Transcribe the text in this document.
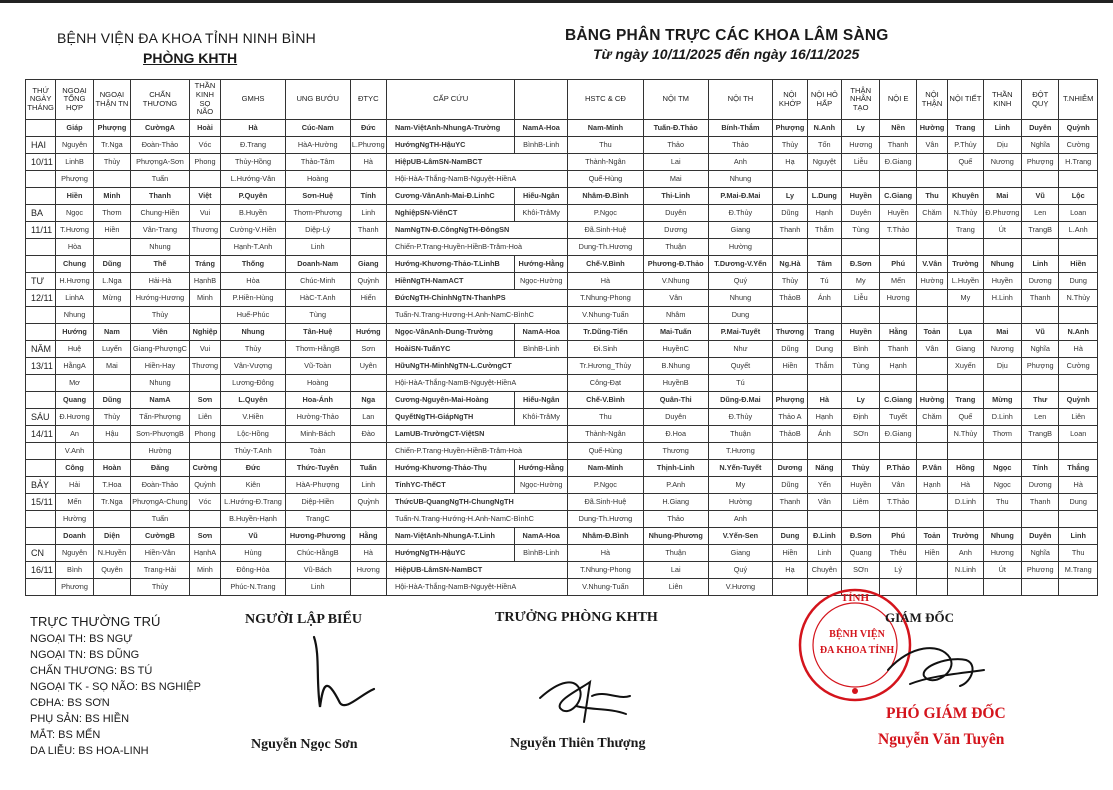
BỆNH VIỆN ĐA KHOA TỈNH NINH BÌNH
PHÒNG KHTH
BẢNG PHÂN TRỰC CÁC KHOA LÂM SÀNG
Từ ngày 10/11/2025 đến ngày 16/11/2025
THỨ NGÀY THÁNG	NGOẠI TỔNG HỢP	NGOẠI THẬN TN	CHẤN THƯƠNG	THẦN KINH SỌ NÃO	GMHS	UNG BƯỚU	ĐTYC	CẤP CỨU		HSTC & CĐ	NỘI TM	NỘI TH	NỘI KHỚP	NỘI HÔ HẤP	THẬN NHÂN TẠO	NỘI E	NỘI THẬN	NỘI TIẾT	THẦN KINH	ĐỘT QUỴ	T.NHIỄM
	Giáp	Phượng	CườngA	Hoài	Hà	Cúc-Nam	Đức	Nam-ViệtAnh-NhungA-Trường	NamA-Hoa	Nam-Minh	Tuấn-Đ.Thảo	Bính-Thắm	Phượng	N.Anh	Ly	Nền	Hường	Trang	Linh	Duyên	Quỳnh
HAI	Nguyên	Tr.Nga	Đoàn-Thảo	Vóc	Đ.Trang	HàA-Hường	L.Phương	HướngNgTH-HậuYC	BìnhB-Linh	Thu	Thảo	Thảo	Thủy	Tốn	Hương	Thanh	Vân	P.Thủy	Dịu	Nghĩa	Cường
10/11	LinhB	Thủy	PhượngA-Sơn	Phong	Thủy-Hồng	Thảo-Tâm	Hà	HiệpUB-LâmSN-NamBCT		Thành-Ngân	Lai	Anh	Hạ	Nguyệt	Liễu	Đ.Giang		Quế	Nương	Phượng	H.Trang
	Phượng		Tuấn		L.Hướng-Vân	Hoàng		Hội-HàA-Thắng-NamB-Nguyệt-HiềnA		Quế-Hùng	Mai	Nhung									
	Hiền	Minh	Thanh	Việt	P.Quyên	Sơn-Huệ	Tính	Cương-VânAnh-Mai-Đ.LinhC	Hiếu-Ngân	Nhâm-Đ.Bình	Thi-Linh	P.Mai-Đ.Mai	Ly	L.Dung	Huyền	C.Giang	Thu	Khuyên	Mai	Vũ	Lộc
BA	Ngọc	Thơm	Chung-Hiền	Vui	B.Huyền	Thơm-Phương	Linh	NghiệpSN-ViênCT	Khôi-TrâMy	P.Ngọc	Duyên	Đ.Thủy	Dũng	Hạnh	Duyên	Huyền	Chăm	N.Thủy	Đ.Phương	Len	Loan
11/11	T.Hương	Hiền	Vân-Trang	Thương	Cường-V.Hiền	Diệp-Lý	Thanh	NamNgTN-Đ.CôngNgTH-ĐôngSN		Đã.Sinh-Huệ	Dương	Giang	Thanh	Thắm	Tùng	T.Thảo		Trang	Út	TrangB	L.Anh
	Hòa		Nhung		Hạnh-T.Anh	Linh		Chiến-P.Trang-Huyền-HiềnB-Trâm-Hoà		Dung-Th.Hương	Thuận	Hường									
	Chung	Dũng	Thế	Tráng	Thống	Doanh-Nam	Giang	Hướng-Khương-Thảo-T.LinhB	Hướng-Hằng	Chế-V.Bình	Phương-Đ.Thảo	T.Dương-V.Yến	Ng.Hà	Tâm	Đ.Sơn	Phú	V.Vân	Trường	Nhung	Linh	Hiền
TƯ	H.Hương	L.Nga	Hải-Hà	HạnhB	Hòa	Chúc-Minh	Quỳnh	HiềnNgTH-NamACT	Ngọc-Hường	Hà	V.Nhung	Quý	Thủy	Tú	My	Mến	Hường	L.Huyền	Huyền	Dương	Dung
12/11	LinhA	Mừng	Hướng-Hương	Minh	P.Hiền-Hùng	HàC-T.Anh	Hiển	ĐứcNgTH-ChinhNgTN-ThanhPS		T.Nhung-Phong	Vân	Nhung	ThảoB	Ánh	Liễu	Hương		My	H.Linh	Thanh	N.Thủy
	Nhung		Thủy		Huế-Phúc	Tùng		Tuấn-N.Trang-Hương-H.Anh-NamC-BìnhC		V.Nhung-Tuấn	Nhâm	Dung									
	Hướng	Nam	Viên	Nghiệp	Nhung	Tân-Huệ	Hướng	Ngọc-VânAnh-Dung-Trường	NamA-Hoa	Tr.Dũng-Tiến	Mai-Tuấn	P.Mai-Tuyết	Thương	Trang	Huyền	Hằng	Toản	Lụa	Mai	Vũ	N.Anh
NĂM	Huệ	Luyến	Giang-PhượngC	Vui	Thủy	Thơm-HằngB	Sơn	HoàiSN-TuấnYC	BìnhB-Linh	Đi.Sinh	HuyềnC	Như	Dũng	Dung	Bình	Thanh	Vân	Giang	Nương	Nghĩa	Hà
13/11	HằngA	Mai	Hiền-Hay	Thương	Vân-Vượng	Vũ-Toàn	Uyên	HữuNgTH-MinhNgTN-L.CườngCT		Tr.Hương_Thủy	B.Nhung	Quyết	Hiền	Thắm	Tùng	Hạnh		Xuyến	Dịu	Phượng	Cường
	Mơ		Nhung		Lương-Đông	Hoàng		Hội-HàA-Thắng-NamB-Nguyệt-HiềnA		Công-Đạt	HuyềnB	Tú									
	Quang	Dũng	NamA	Sơn	L.Quyên	Hoa-Ánh	Nga	Cương-Nguyên-Mai-Hoàng	Hiếu-Ngân	Chế-V.Bình	Quân-Thi	Dũng-Đ.Mai	Phượng	Hà	Ly	C.Giang	Hường	Trang	Mừng	Thư	Quỳnh
SÁU	Đ.Hương	Thủy	Tấn-Phượng	Liên	V.Hiền	Hường-Thảo	Lan	QuyếtNgTH-GiápNgTH	Khôi-TrâMy	Thu	Duyên	Đ.Thủy	Thảo A	Hạnh	Định	Tuyết	Chăm	Quế	D.Linh	Len	Liên
14/11	An	Hậu	Sơn-PhượngB	Phong	Lộc-Hồng	Minh-Bách	Đào	LamUB-TrườngCT-ViệtSN		Thành-Ngân	Đ.Hoa	Thuận	ThảoB	Ánh	SƠn	Đ.Giang		N.Thủy	Thơm	TrangB	Loan
	V.Anh		Hường		Thủy-T.Anh	Toàn		Chiến-P.Trang-Huyền-HiềnB-Trâm-Hoà		Quế-Hùng	Thương	T.Hương									
	Công	Hoàn	Đăng	Cường	Đức	Thức-Tuyên	Tuấn	Hướng-Khương-Thảo-Thụ	Hướng-Hằng	Nam-Minh	Thịnh-Linh	N.Yến-Tuyết	Dương	Năng	Thủy	P.Thảo	P.Vân	Hồng	Ngọc	Tính	Thắng
BẢY	Hải	T.Hoa	Đoàn-Thảo	Quỳnh	Kiên	HàA-Phượng	Linh	TỉnhYC-ThếCT	Ngọc-Hường	P.Ngọc	P.Anh	My	Dũng	Yến	Huyền	Vân	Hạnh	Hà	Ngọc	Dương	Hà
15/11	Mến	Tr.Nga	PhượngA-Chung	Vóc	L.Hướng-Đ.Trang	Diệp-Hiền	Quỳnh	ThứcUB-QuangNgTH-ChungNgTH		Đã.Sinh-Huệ	H.Giang	Hường	Thanh	Vân	Liêm	T.Thảo		D.Linh	Thu	Thanh	Dung
	Hường		Tuấn		B.Huyền-Hạnh	TrangC		Tuấn-N.Trang-Hướng-H.Anh-NamC-BìnhC		Dung-Th.Hương	Thảo	Anh									
	Doanh	Diện	CườngB	Sơn	Vũ	Hương-Phương	Hằng	Nam-ViệtAnh-NhungA-T.Linh	NamA-Hoa	Nhâm-Đ.Bình	Nhung-Phương	V.Yến-Sen	Dung	Đ.Linh	Đ.Sơn	Phú	Toản	Trường	Nhung	Duyên	Linh
CN	Nguyên	N.Huyền	Hiền-Vân	HạnhA	Hùng	Chúc-HằngB	Hà	HướngNgTH-HậuYC	BìnhB-Linh	Hà	Thuận	Giang	Hiền	Linh	Quang	Thêu	Hiền	Anh	Hương	Nghĩa	Thu
16/11	Bình	Quyên	Trang-Hải	Minh	Đông-Hòa	Vũ-Bách	Hương	HiệpUB-LâmSN-NamBCT		T.Nhung-Phong	Lai	Quý	Hạ	Chuyên	SƠn	Lý		N.Linh	Út	Phương	M.Trang
	Phương		Thủy		Phúc-N.Trang	Linh		Hội-HàA-Thắng-NamB-Nguyệt-HiềnA		V.Nhung-Tuấn	Liên	V.Hương									
TRỰC THƯỜNG TRÚ
NGOẠI TH: BS NGỰ
NGOẠI TN: BS DŨNG
CHẤN THƯƠNG: BS TÚ
NGOẠI TK - SỌ NÃO: BS NGHIỆP
CĐHA: BS SƠN
PHỤ SẢN: BS HIỀN
MẮT: BS MẾN
DA LIỄU: BS HOA-LINH
NGƯỜI LẬP BIỂU
Nguyễn Ngọc Sơn
TRƯỞNG PHÒNG KHTH
Nguyễn Thiên Thượng
TỈNH
BỆNH VIỆN
ĐA KHOA TỈNH
GIÁM ĐỐC
PHÓ GIÁM ĐỐC
Nguyễn Văn Tuyên
